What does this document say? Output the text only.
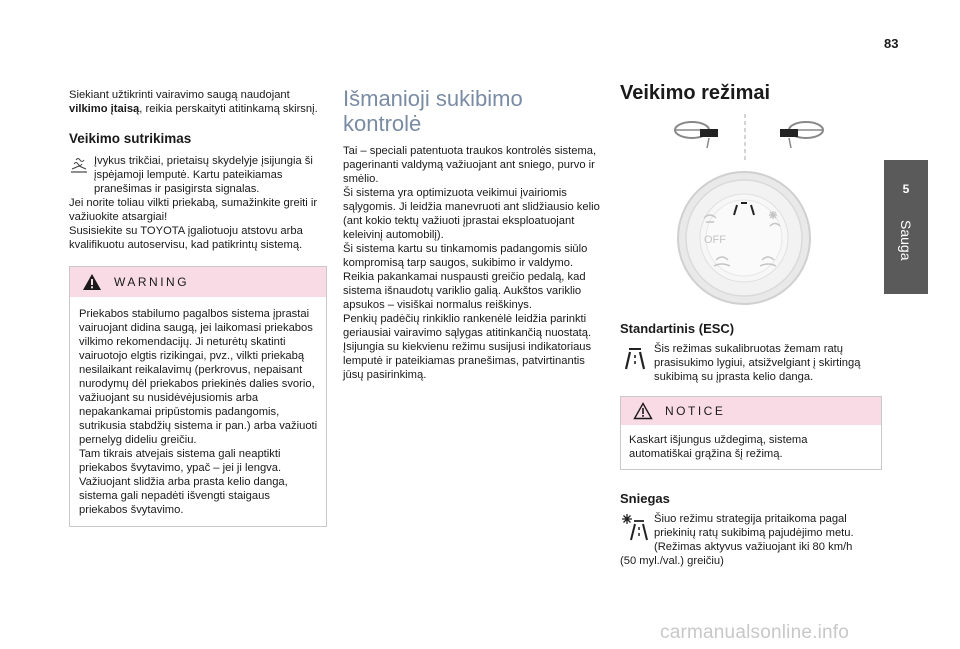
83
5
Sauga

Siekiant užtikrinti vairavimo saugą naudojant vilkimo įtaisą, reikia perskaityti atitinkamą skirsnį.

Veikimo sutrikimas

Įvykus trikčiai, prietaisų skydelyje įsijungia ši įspėjamoji lemputė. Kartu pateikiamas pranešimas ir pasigirsta signalas.

Jei norite toliau vilkti priekabą, sumažinkite greiti ir važiuokite atsargiai!

Susisiekite su TOYOTA įgaliotuoju atstovu arba kvalifikuotu autoservisu, kad patikrintų sistemą.

WARNING

Priekabos stabilumo pagalbos sistema įprastai vairuojant didina saugą, jei laikomasi priekabos vilkimo rekomendacijų. Ji neturėtų skatinti vairuotojo elgtis rizikingai, pvz., vilkti priekabą nesilaikant reikalavimų (perkrovus, nepaisant nurodymų dėl priekabos priekinės dalies svorio, važiuojant su nusidėvėjusiomis arba nepakankamai pripūstomis padangomis, sutrikusia stabdžių sistema ir pan.) arba važiuoti pernelyg dideliu greičiu.

Tam tikrais atvejais sistema gali neaptikti priekabos švytavimo, ypač – jei ji lengva.

Važiuojant slidžia arba prasta kelio danga, sistema gali nepadėti išvengti staigaus priekabos švytavimo.

Išmanioji sukibimo kontrolė

Tai – speciali patentuota traukos kontrolės sistema, pagerinanti valdymą važiuojant ant sniego, purvo ir smėlio.

Ši sistema yra optimizuota veikimui įvairiomis sąlygomis. Ji leidžia manevruoti ant slidžiausio kelio (ant kokio tektų važiuoti įprastai eksploatuojant keleivinį automobilį).

Ši sistema kartu su tinkamomis padangomis siūlo kompromisą tarp saugos, sukibimo ir valdymo.

Reikia pakankamai nuspausti greičio pedalą, kad sistema išnaudotų variklio galią. Aukštos variklio apsukos – visiškai normalus reiškinys.

Penkių padėčių rinkiklio rankenėlė leidžia parinkti geriausiai vairavimo sąlygas atitinkančią nuostatą.

Įsijungia su kiekvienu režimu susijusi indikatoriaus lemputė ir pateikiamas pranešimas, patvirtinantis jūsų pasirinkimą.

Veikimo režimai
OFF
Standartinis (ESC)

Šis režimas sukalibruotas žemam ratų prasisukimo lygiui, atsižvelgiant į skirtingą sukibimą su įprasta kelio danga.

NOTICE

Kaskart išjungus uždegimą, sistema automatiškai grąžina šį režimą.

Sniegas

Šiuo režimu strategija pritaikoma pagal priekinių ratų sukibimą pajudėjimo metu.

(Režimas aktyvus važiuojant iki 80 km/h

(50 myl./val.) greičiu)

carmanualsonline.info
